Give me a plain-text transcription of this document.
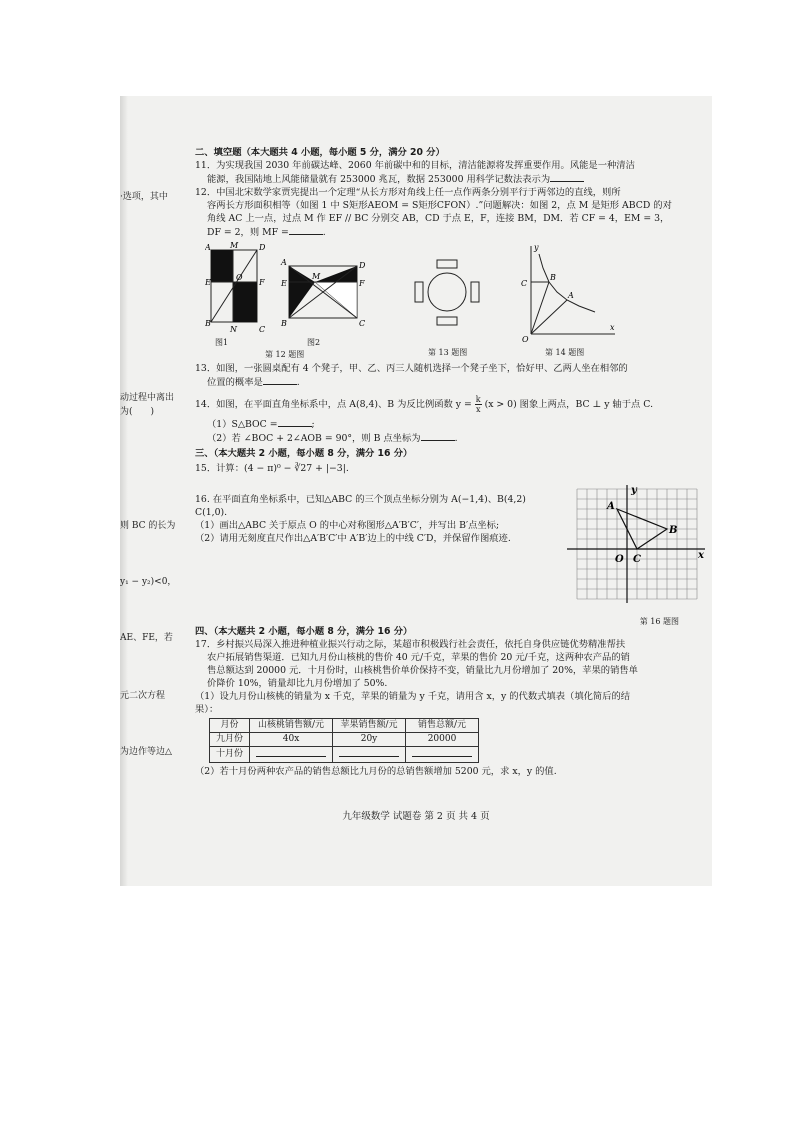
·选项，其中
动过程中离出
为(　　)
则 BC 的长为
y₁ − y₂)<0，
AE、FE，若
元二次方程
为边作等边△

二、填空题（本大题共 4 小题，每小题 5 分，满分 20 分）

11．为实现我国 2030 年前碳达峰、2060 年前碳中和的目标，清洁能源将发挥重要作用。风能是一种清洁

能源，我国陆地上风能储量就有 253000 兆瓦，数据 253000 用科学记数法表示为

12．中国北宋数学家贾宪提出一个定理“从长方形对角线上任一点作两条分别平行于两邻边的直线，则所

容两长方形面积相等（如图 1 中 S矩形AEOM = S矩形CFON）.”问题解决：如图 2，点 M 是矩形 ABCD 的对

角线 AC 上一点，过点 M 作 EF // BC 分别交 AB，CD 于点 E，F，连接 BM，DM．若 CF = 4，EM = 3，

DF = 2，则 MF =	.

A M	D
E
O
F
B
N	C
图1
A	D
E
M
F
B	C
图2
第 12 题图	第 13 题图
y
x
C
B
A
O
第 14 题图

13．如图，一张圆桌配有 4 个凳子，甲、乙、丙三人随机选择一个凳子坐下，恰好甲、乙两人坐在相邻的

位置的概率是	.

14．如图，在平面直角坐标系中，点 A(8,4)、B 为反比例函数 $y = \frac{k}{x} (x > 0)$ 图象上两点，BC ⊥ y 轴于点 C.

（1）S△BOC =	;

（2）若 ∠BOC + 2∠AOB = 90°，则 B 点坐标为	.

三、（本大题共 2 小题，每小题 8 分，满分 16 分）

15．计算：(4 − π)⁰ − ∛27 + |−3|.

16. 在平面直角坐标系中，已知△ABC 的三个顶点坐标分别为 A(−1,4)、B(4,2)

C(1,0).

（1）画出△ABC 关于原点 O 的中心对称图形△A′B′C′，并写出 B′点坐标;

（2）请用无刻度直尺作出△A′B′C′中 A′B′边上的中线 C′D，并保留作图痕迹.

A
B
C
O
y
x
第 16 题图

四、（本大题共 2 小题，每小题 8 分，满分 16 分）

17．乡村振兴局深入推进种植业振兴行动之际，某超市积极践行社会责任，依托自身供应链优势精准帮扶

农户拓展销售渠道．已知九月份山核桃的售价 40 元/千克，苹果的售价 20 元/千克，这两种农产品的销

售总额达到 20000 元．十月份时，山核桃售价单价保持不变，销量比九月份增加了 20%，苹果的销售单

价降价 10%，销量却比九月份增加了 50%.

（1）设九月份山核桃的销量为 x 千克，苹果的销量为 y 千克，请用含 x，y 的代数式填表（填化简后的结

果）：

月份	山核桃销售额/元	苹果销售额/元	销售总额/元
九月份	40x	20y	20000
十月份			

（2）若十月份两种农产品的销售总额比九月份的总销售额增加 5200 元，求 x，y 的值.

九年级数学 试题卷 第 2 页 共 4 页
